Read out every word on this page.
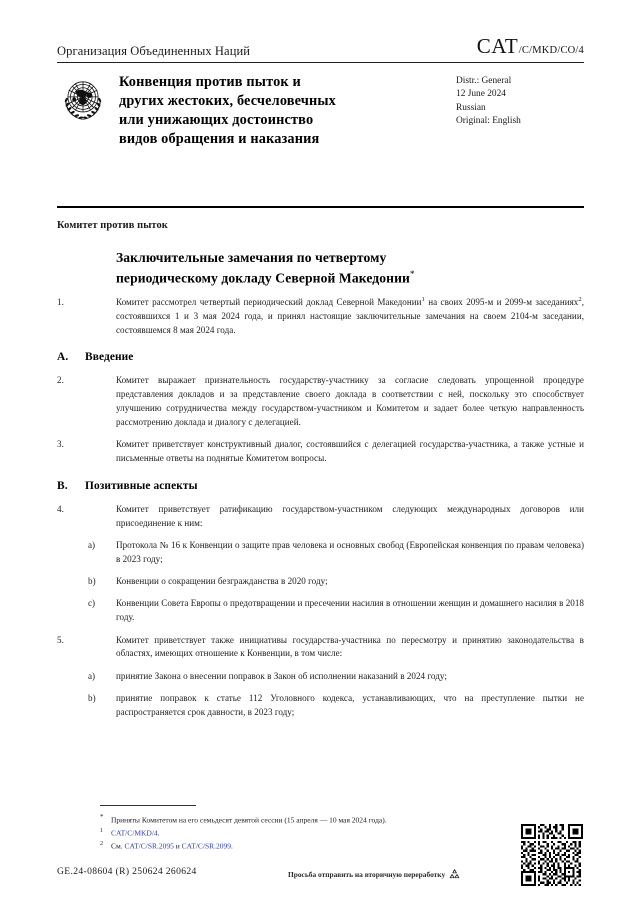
Организация Объединенных Наций	CAT /C/MKD/CO/4
Конвенция против пыток и
других жестоких, бесчеловечных
или унижающих достоинство
видов обращения и наказания
Distr.: General
12 June 2024
Russian
Original: English
Комитет против пыток
Заключительные замечания по четвертому
периодическому докладу Северной Македонии*

1.	Комитет рассмотрел четвертый периодический доклад Северной Македонии$^1$ на своих 2095-м и 2099-м заседаниях$^2$, состоявшихся 1 и 3 мая 2024 года, и принял настоящие заключительные замечания на своем 2104-м заседании, состоявшемся 8 мая 2024 года.

A. Введение

2.	Комитет выражает признательность государству-участнику за согласие следовать упрощенной процедуре представления докладов и за представление своего доклада в соответствии с ней, поскольку это способствует улучшению сотрудничества между государством-участником и Комитетом и задает более четкую направленность рассмотрению доклада и диалогу с делегацией.

3.	Комитет приветствует конструктивный диалог, состоявшийся с делегацией государства-участника, а также устные и письменные ответы на поднятые Комитетом вопросы.

B. Позитивные аспекты

4.	Комитет приветствует ратификацию государством-участником следующих международных договоров или присоединение к ним:

a) Протокола № 16 к Конвенции о защите прав человека и основных свобод (Европейская конвенция по правам человека) в 2023 году;

b) Конвенции о сокращении безгражданства в 2020 году;

c) Конвенции Совета Европы о предотвращении и пресечении насилия в отношении женщин и домашнего насилия в 2018 году.

5.	Комитет приветствует также инициативы государства-участника по пересмотру и принятию законодательства в областях, имеющих отношение к Конвенции, в том числе:

a) принятие Закона о внесении поправок в Закон об исполнении наказаний в 2024 году;

b) принятие поправок к статье 112 Уголовного кодекса, устанавливающих, что на преступление пытки не распространяется срок давности, в 2023 году;

* Приняты Комитетом на его семьдесят девятой сессии (15 апреля — 10 мая 2024 года).
1 CAT/C/MKD/4.
2 См. CAT/C/SR.2095 и CAT/C/SR.2099.
GE.24-08604 (R) 250624 260624	Просьба отправить на вторичную переработку
